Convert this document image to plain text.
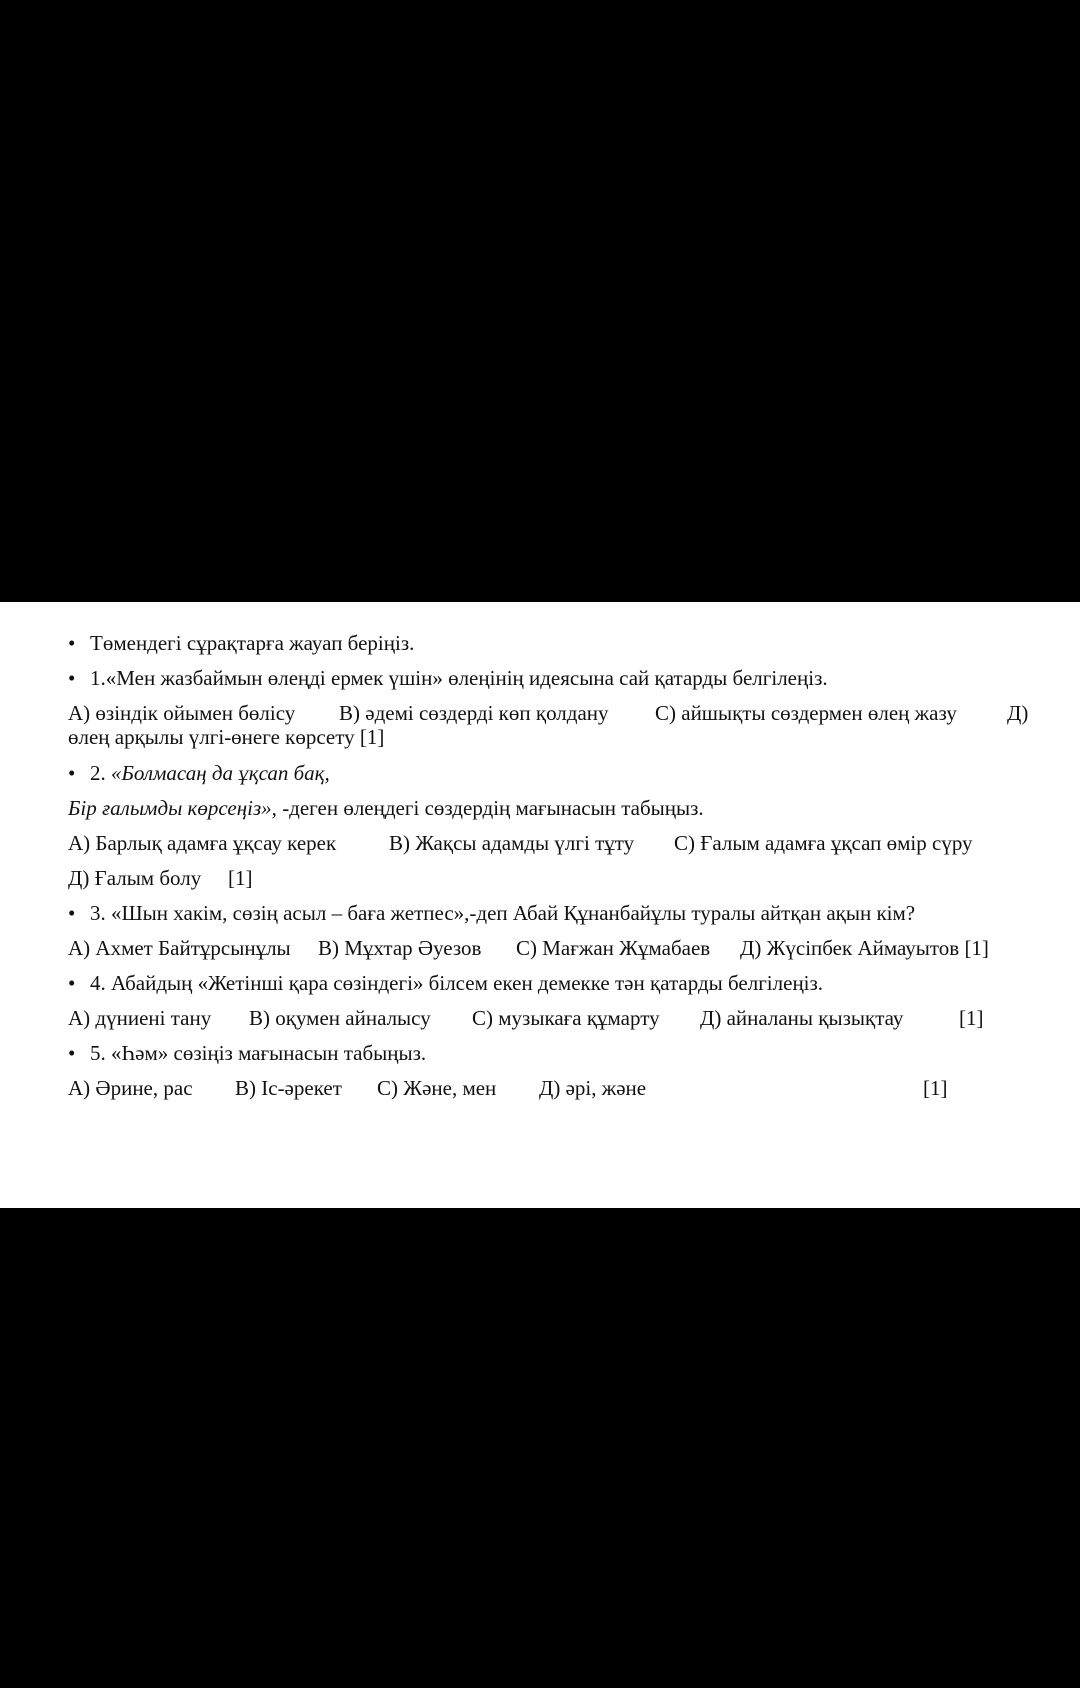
• Төмендегі сұрақтарға жауап беріңіз.
• 1.«Мен жазбаймын өлеңді ермек үшін» өлеңінің идеясына сай қатарды белгілеңіз.
А) өзіндік ойымен бөлісу В) әдемі сөздерді көп қолдану С) айшықты сөздермен өлең жазу Д)
өлең арқылы үлгі-өнеге көрсету [1]
• 2. «Болмасаң да ұқсап бақ,
Бір ғалымды көрсеңіз», -деген өлеңдегі сөздердің мағынасын табыңыз.
А) Барлық адамға ұқсау керек	В) Жақсы адамды үлгі тұту С) Ғалым адамға ұқсап өмір сүру
Д) Ғалым болу [1]
• 3. «Шын хакім, сөзің асыл – баға жетпес»,-деп Абай Құнанбайұлы туралы айтқан ақын кім?
А) Ахмет Байтұрсынұлы В) Мұхтар Әуезов С) Мағжан Жұмабаев Д) Жүсіпбек Аймауытов [1]
• 4. Абайдың «Жетінші қара сөзіндегі» білсем екен демекке тән қатарды белгілеңіз.
А) дүниені тану В) оқумен айналысу С) музыкаға құмарту Д) айналаны қызықтау	[1]
• 5. «Һәм» сөзіңіз мағынасын табыңыз.
А) Әрине, рас В) Іс-әрекет С) Және, мен Д) әрі, және	[1]
